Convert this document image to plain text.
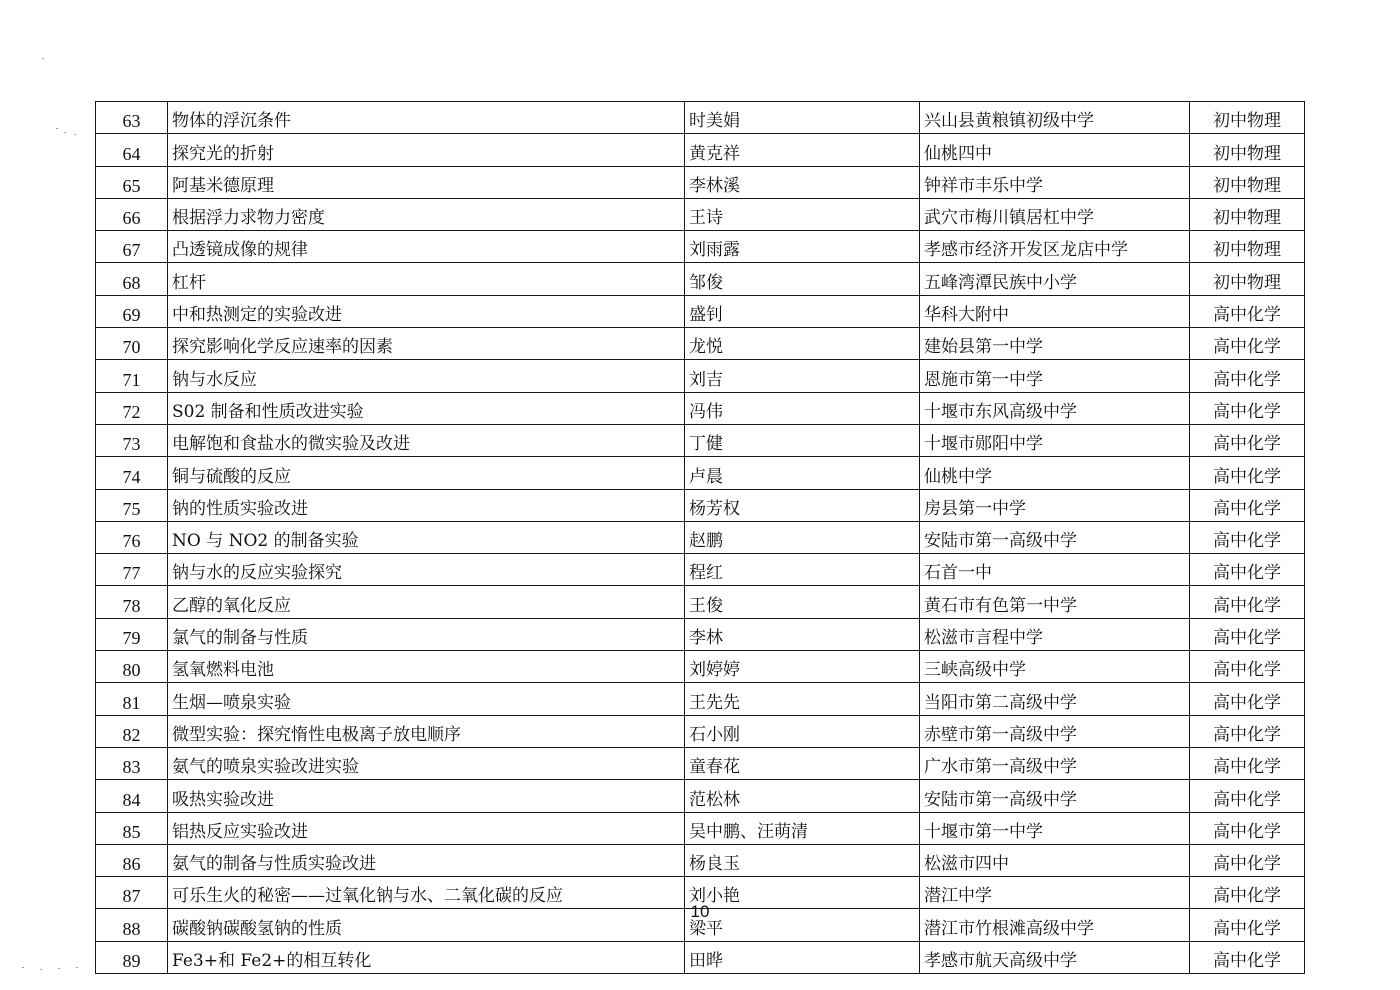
63	物体的浮沉条件	时美娟	兴山县黄粮镇初级中学	初中物理
64	探究光的折射	黄克祥	仙桃四中	初中物理
65	阿基米德原理	李林溪	钟祥市丰乐中学	初中物理
66	根据浮力求物力密度	王诗	武穴市梅川镇居杠中学	初中物理
67	凸透镜成像的规律	刘雨露	孝感市经济开发区龙店中学	初中物理
68	杠杆	邹俊	五峰湾潭民族中小学	初中物理
69	中和热测定的实验改进	盛钊	华科大附中	高中化学
70	探究影响化学反应速率的因素	龙悦	建始县第一中学	高中化学
71	钠与水反应	刘吉	恩施市第一中学	高中化学
72	S02 制备和性质改进实验	冯伟	十堰市东风高级中学	高中化学
73	电解饱和食盐水的微实验及改进	丁健	十堰市郧阳中学	高中化学
74	铜与硫酸的反应	卢晨	仙桃中学	高中化学
75	钠的性质实验改进	杨芳权	房县第一中学	高中化学
76	NO 与 NO2 的制备实验	赵鹏	安陆市第一高级中学	高中化学
77	钠与水的反应实验探究	程红	石首一中	高中化学
78	乙醇的氧化反应	王俊	黄石市有色第一中学	高中化学
79	氯气的制备与性质	李林	松滋市言程中学	高中化学
80	氢氧燃料电池	刘婷婷	三峡高级中学	高中化学
81	生烟—喷泉实验	王先先	当阳市第二高级中学	高中化学
82	微型实验：探究惰性电极离子放电顺序	石小刚	赤壁市第一高级中学	高中化学
83	氨气的喷泉实验改进实验	童春花	广水市第一高级中学	高中化学
84	吸热实验改进	范松林	安陆市第一高级中学	高中化学
85	铝热反应实验改进	吴中鹏、汪萌清	十堰市第一中学	高中化学
86	氨气的制备与性质实验改进	杨良玉	松滋市四中	高中化学
87	可乐生火的秘密——过氧化钠与水、二氧化碳的反应	刘小艳	潜江中学	高中化学
88	碳酸钠碳酸氢钠的性质	梁平	潜江市竹根滩高级中学	高中化学
89	Fe3+和 Fe2+的相互转化	田晔	孝感市航天高级中学	高中化学
10
